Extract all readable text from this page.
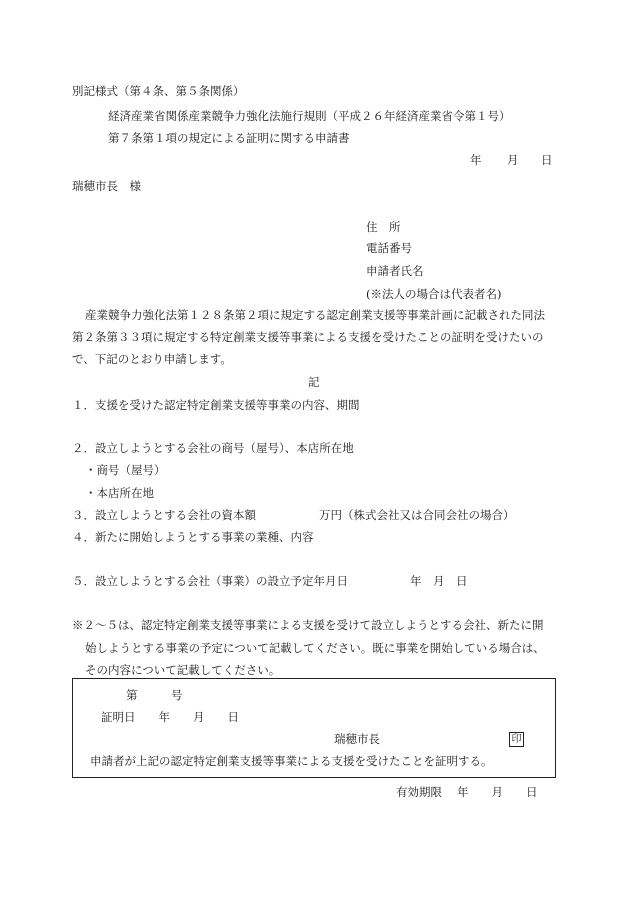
別記様式（第４条、第５条関係）
経済産業省関係産業競争力強化法施行規則（平成２６年経済産業省令第１号）
第７条第１項の規定による証明に関する申請書
年 月 日
瑞穂市長　様
住　所
電話番号
申請者氏名
(※法人の場合は代表者名)
産業競争力強化法第１２８条第２項に規定する認定創業支援等事業計画に記載された同法
第２条第３３項に規定する特定創業支援等事業による支援を受けたことの証明を受けたいの
で、下記のとおり申請します。
記
１．支援を受けた認定特定創業支援等事業の内容、期間
２．設立しようとする会社の商号（屋号）、本店所在地
・商号（屋号）
・本店所在地
３．設立しようとする会社の資本額	万円（株式会社又は合同会社の場合）
４．新たに開始しようとする事業の業種、内容
５．設立しようとする会社（事業）の設立予定年月日	年　月　日
※２～５は、認定特定創業支援等事業による支援を受けて設立しようとする会社、新たに開
始しようとする事業の予定について記載してください。既に事業を開始している場合は、
その内容について記載してください。
第	号
証明日　　年　　月　　日
瑞穂市長	印
申請者が上記の認定特定創業支援等事業による支援を受けたことを証明する。
有効期限 年　　月　　日
